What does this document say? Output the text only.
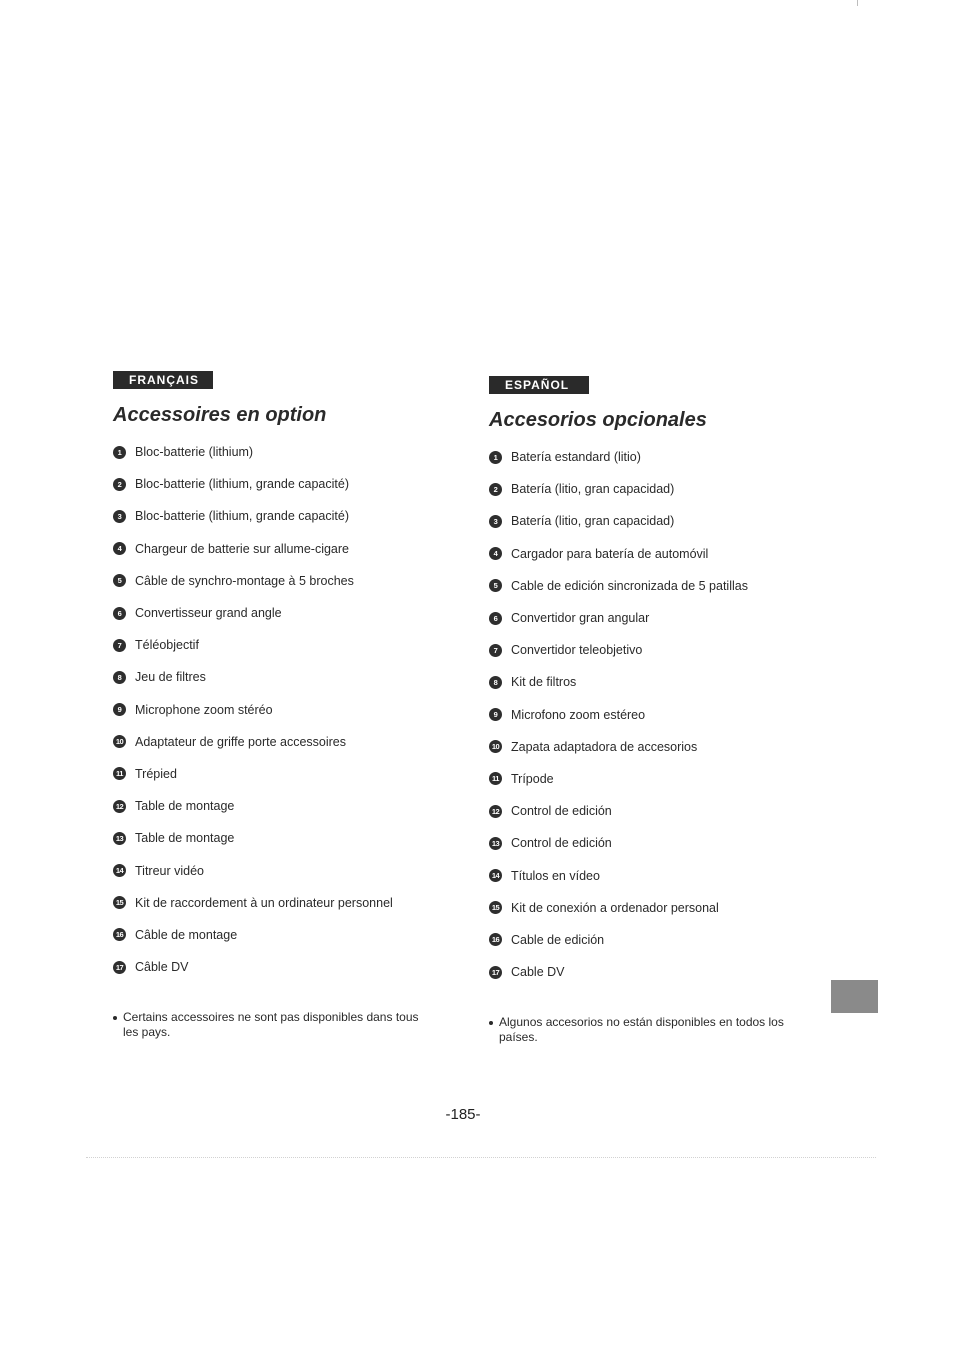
FRANÇAIS
Accessoires en option
1	Bloc-batterie (lithium)
2	Bloc-batterie (lithium, grande capacité)
3	Bloc-batterie (lithium, grande capacité)
4	Chargeur de batterie sur allume-cigare
5	Câble de synchro-montage à 5 broches
6	Convertisseur grand angle
7	Téléobjectif
8	Jeu de filtres
9	Microphone zoom stéréo
10 Adaptateur de griffe porte accessoires
11 Trépied
12 Table de montage
13 Table de montage
14 Titreur vidéo
15 Kit de raccordement à un ordinateur personnel
16 Câble de montage
17 Câble DV
Certains accessoires ne sont pas disponibles dans tous les pays.
ESPAÑOL
Accesorios opcionales
1	Batería estandard (litio)
2	Batería (litio, gran capacidad)
3	Batería (litio, gran capacidad)
4	Cargador para batería de automóvil
5	Cable de edición sincronizada de 5 patillas
6	Convertidor gran angular
7	Convertidor teleobjetivo
8	Kit de filtros
9	Microfono zoom estéreo
10 Zapata adaptadora de accesorios
11 Trípode
12 Control de edición
13 Control de edición
14 Títulos en vídeo
15 Kit de conexión a ordenador personal
16 Cable de edición
17 Cable DV
Algunos accesorios no están disponibles en todos los países.
-185-
